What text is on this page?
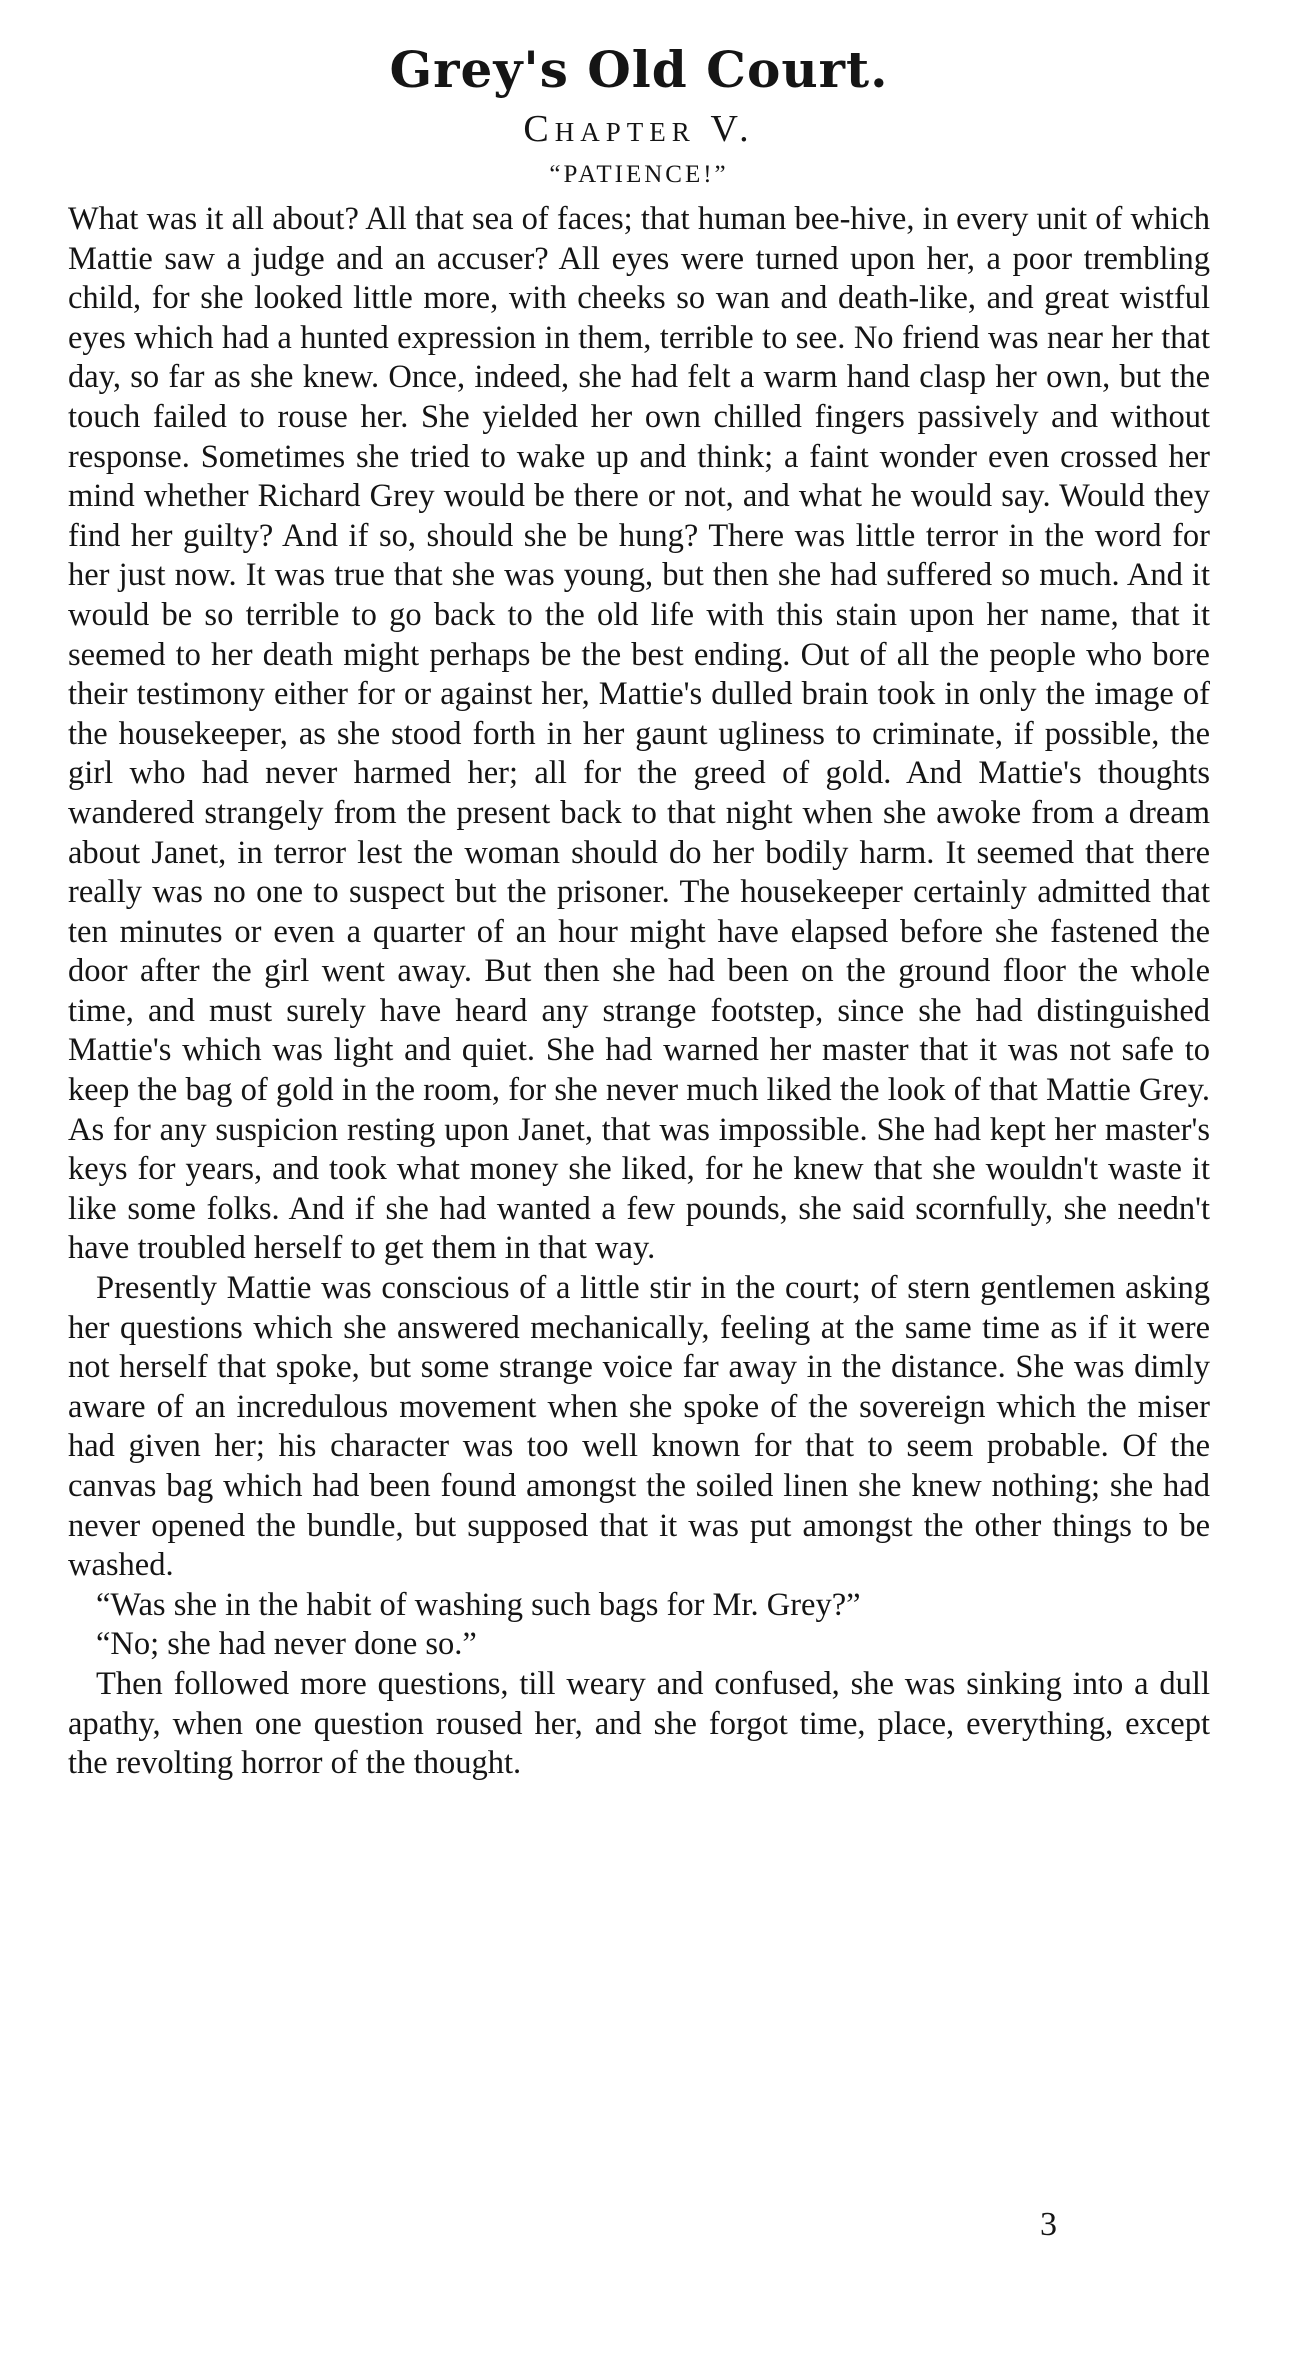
Grey's Old Court.
Chapter V.
“PATIENCE!”

What was it all about? All that sea of faces; that human bee-hive, in every unit of which Mattie saw a judge and an accuser? All eyes were turned upon her, a poor trembling child, for she looked little more, with cheeks so wan and death-like, and great wistful eyes which had a hunted expression in them, terrible to see. No friend was near her that day, so far as she knew. Once, indeed, she had felt a warm hand clasp her own, but the touch failed to rouse her. She yielded her own chilled fingers passively and without response. Sometimes she tried to wake up and think; a faint wonder even crossed her mind whether Richard Grey would be there or not, and what he would say. Would they find her guilty? And if so, should she be hung? There was little terror in the word for her just now. It was true that she was young, but then she had suffered so much. And it would be so terrible to go back to the old life with this stain upon her name, that it seemed to her death might perhaps be the best ending. Out of all the people who bore their testimony either for or against her, Mattie's dulled brain took in only the image of the housekeeper, as she stood forth in her gaunt ugliness to criminate, if possible, the girl who had never harmed her; all for the greed of gold. And Mattie's thoughts wandered strangely from the present back to that night when she awoke from a dream about Janet, in terror lest the woman should do her bodily harm. It seemed that there really was no one to suspect but the prisoner. The housekeeper certainly admitted that ten minutes or even a quarter of an hour might have elapsed before she fastened the door after the girl went away. But then she had been on the ground floor the whole time, and must surely have heard any strange footstep, since she had distinguished Mattie's which was light and quiet. She had warned her master that it was not safe to keep the bag of gold in the room, for she never much liked the look of that Mattie Grey. As for any suspicion resting upon Janet, that was impossible. She had kept her master's keys for years, and took what money she liked, for he knew that she wouldn't waste it like some folks. And if she had wanted a few pounds, she said scornfully, she needn't have troubled herself to get them in that way.

Presently Mattie was conscious of a little stir in the court; of stern gentlemen asking her questions which she answered mechanically, feeling at the same time as if it were not herself that spoke, but some strange voice far away in the distance. She was dimly aware of an incredulous movement when she spoke of the sovereign which the miser had given her; his character was too well known for that to seem probable. Of the canvas bag which had been found amongst the soiled linen she knew nothing; she had never opened the bundle, but supposed that it was put amongst the other things to be washed.

“Was she in the habit of washing such bags for Mr. Grey?”

“No; she had never done so.”

Then followed more questions, till weary and confused, she was sinking into a dull apathy, when one question roused her, and she forgot time, place, everything, except the revolting horror of the thought.

3
